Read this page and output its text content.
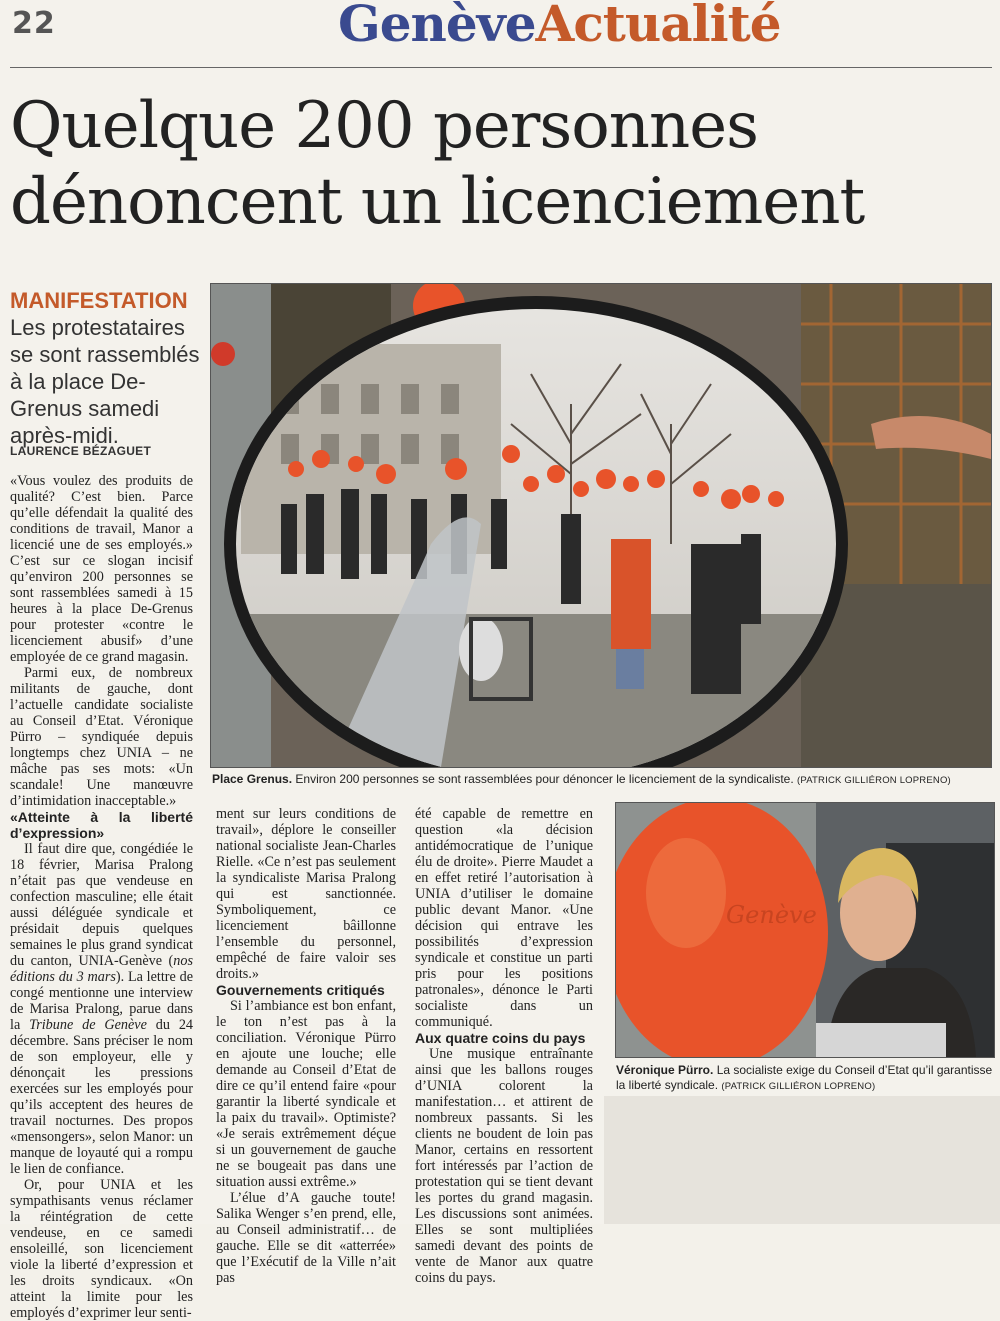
22	GenèveActualité
Quelque 200 personnes
dénoncent un licenciement
MANIFESTATION Les protestataires se sont rassemblés à la place De-Grenus samedi après-midi.
LAURENCE BÉZAGUET

«Vous voulez des produits de qualité? C’est bien. Parce qu’elle défendait la qualité des conditions de travail, Manor a licencié une de ses employés.» C’est sur ce slogan incisif qu’environ 200 personnes se sont rassemblées samedi à 15 heures à la place De-Grenus pour protester «contre le licenciement abusif» d’une employée de ce grand magasin.

Parmi eux, de nombreux militants de gauche, dont l’actuelle candidate socialiste au Conseil d’Etat. Véronique Pürro – syndiquée depuis longtemps chez UNIA – ne mâche pas ses mots: «Un scandale! Une manœuvre d’intimidation inacceptable.»

«Atteinte à la liberté d’expression»

Il faut dire que, congédiée le 18 février, Marisa Pralong n’était pas que vendeuse en confection masculine; elle était aussi déléguée syndicale et présidait depuis quelques semaines le plus grand syndicat du canton, UNIA-Genève (nos éditions du 3 mars). La lettre de congé mentionne une interview de Marisa Pralong, parue dans la Tribune de Genève du 24 décembre. Sans préciser le nom de son employeur, elle y dénonçait les pressions exercées sur les employés pour qu’ils acceptent des heures de travail nocturnes. Des propos «mensongers», selon Manor: un manque de loyauté qui a rompu le lien de confiance.

Or, pour UNIA et les sympathisants venus réclamer la réintégration de cette vendeuse, en ce samedi ensoleillé, son licenciement viole la liberté d’expression et les droits syndicaux. «On atteint la limite pour les employés d’exprimer leur senti-

ment sur leurs conditions de travail», déplore le conseiller national socialiste Jean-Charles Rielle. «Ce n’est pas seulement la syndicaliste Marisa Pralong qui est sanctionnée. Symboliquement, ce licenciement bâillonne l’ensemble du personnel, empêché de faire valoir ses droits.»

Gouvernements critiqués

Si l’ambiance est bon enfant, le ton n’est pas à la conciliation. Véronique Pürro en ajoute une louche; elle demande au Conseil d’Etat de dire ce qu’il entend faire «pour garantir la liberté syndicale et la paix du travail». Optimiste? «Je serais extrêmement déçue si un gouvernement de gauche ne se bougeait pas dans une situation aussi extrême.»

L’élue d’A gauche toute! Salika Wenger s’en prend, elle, au Conseil administratif… de gauche. Elle se dit «atterrée» que l’Exécutif de la Ville n’ait pas

été capable de remettre en question «la décision antidémocratique de l’unique élu de droite». Pierre Maudet a en effet retiré l’autorisation à UNIA d’utiliser le domaine public devant Manor. «Une décision qui entrave les possibilités d’expression syndicale et constitue un parti pris pour les positions patronales», dénonce le Parti socialiste dans un communiqué.

Aux quatre coins du pays

Une musique entraînante ainsi que les ballons rouges d’UNIA colorent la manifestation… et attirent de nombreux passants. Si les clients ne boudent de loin pas Manor, certains en ressortent fort intéressés par l’action de protestation qui se tient devant les portes du grand magasin. Les discussions sont animées. Elles se sont multipliées samedi devant des points de vente de Manor aux quatre coins du pays.

Place Grenus. Environ 200 personnes se sont rassemblées pour dénoncer le licenciement de la syndicaliste. (PATRICK GILLIÉRON LOPRENO)
Genève
Véronique Pürro. La socialiste exige du Conseil d’Etat qu’il garantisse la liberté syndicale. (PATRICK GILLIÉRON LOPRENO)
